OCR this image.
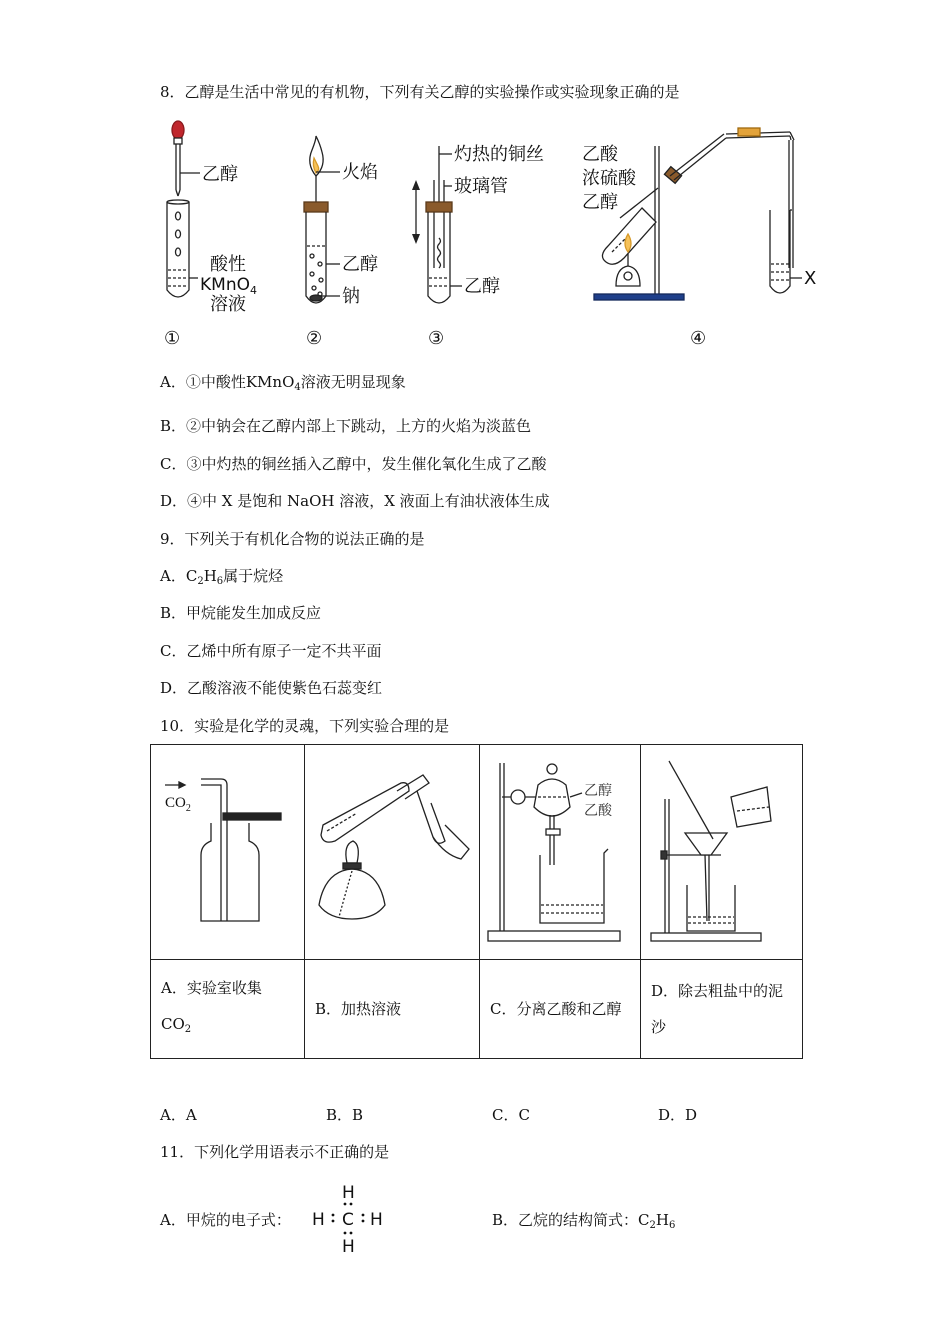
8．乙醇是生活中常见的有机物，下列有关乙醇的实验操作或实验现象正确的是
乙醇
酸性
KMnO$_4$
溶液
①
火焰
乙醇
钠
②
灼热的铜丝
玻璃管
乙醇
③
乙酸
浓硫酸
乙醇
X
④
A．①中酸性KMnO$_4$溶液无明显现象
B．②中钠会在乙醇内部上下跳动，上方的火焰为淡蓝色
C．③中灼热的铜丝插入乙醇中，发生催化氧化生成了乙酸
D．④中 X 是饱和 NaOH 溶液，X 液面上有油状液体生成
9．下列关于有机化合物的说法正确的是
A．$C_2H_6$属于烷烃
B．甲烷能发生加成反应
C．乙烯中所有原子一定不共平面
D．乙酸溶液不能使紫色石蕊变红
10．实验是化学的灵魂，下列实验合理的是
$CO_2$		乙醇
乙酸

A．实验室收集
$CO_2$	B．加热溶液	C．分离乙酸和乙醇	D．除去粗盐中的泥沙
A．A	B．B	C．C	D．D
11．下列化学用语表示不正确的是
A．甲烷的电子式：
H
H C H
H
B．乙烷的结构简式：$C_2H_6$
